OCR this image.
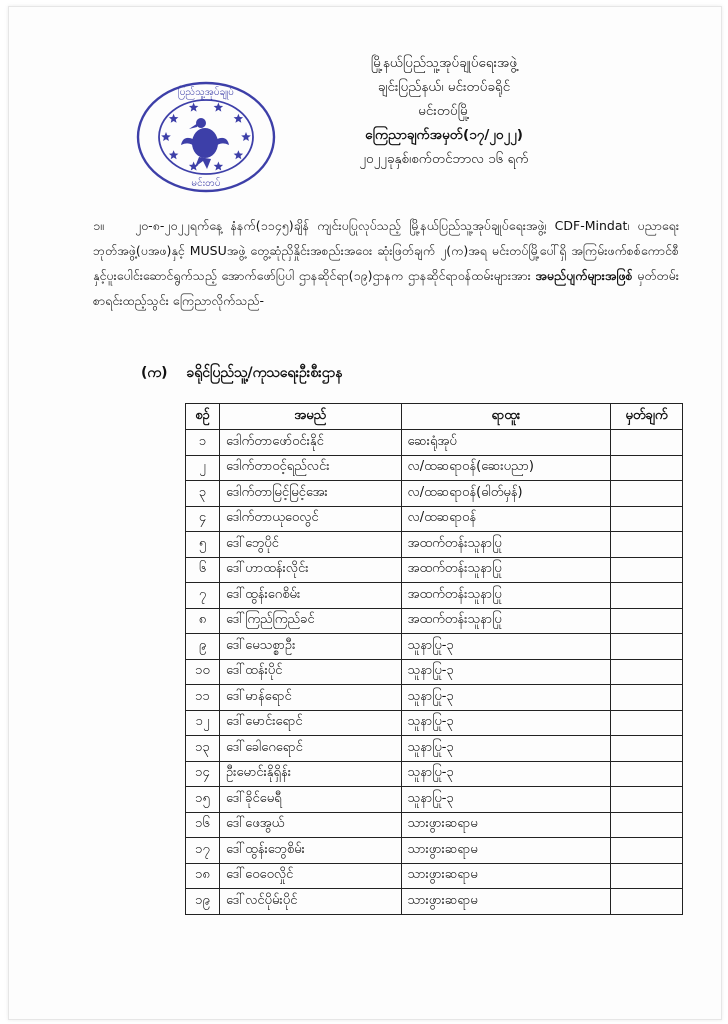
ပြည်သူ့အုပ်ချုပ်
မင်းတပ်
မြို့နယ်ပြည်သူ့အုပ်ချုပ်ရေးအဖွဲ့
ချင်းပြည်နယ်၊ မင်းတပ်ခရိုင်
မင်းတပ်မြို့
ကြေညာချက်အမှတ်(၁၇/၂၀၂၂)
၂၀၂၂ခုနှစ်၊စက်တင်ဘာလ ၁၆ ရက်
၁။ ၂၀-၈-၂၀၂၂ရက်နေ့ နံနက်(၁၁၄၅)ချိန် ကျင်းပပြုလုပ်သည့် မြို့နယ်ပြည်သူ့အုပ်ချုပ်ရေးအဖွဲ့၊ CDF-Mindat၊ ပညာရေးဘုတ်အဖွဲ့(ပအဖ)နှင့် MUSUအဖွဲ့ တွေ့ဆုံညှိနှိုင်းအစည်းအဝေး ဆုံးဖြတ်ချက် ၂(က)အရ မင်းတပ်မြို့ပေါ်ရှိ အကြမ်းဖက်စစ်ကောင်စီ နှင့်ပူးပေါင်းဆောင်ရွက်သည့် အောက်ဖော်ပြပါ ဌာနဆိုင်ရာ(၁၉)ဌာနက ဌာနဆိုင်ရာဝန်ထမ်းများအား အမည်ပျက်များအဖြစ် မှတ်တမ်းစာရင်းထည့်သွင်း ကြေညာလိုက်သည်-
(က) ခရိုင်ပြည်သူ့/ကုသရေးဦးစီးဌာန
စဉ်	အမည်	ရာထူး	မှတ်ချက်
၁	ဒေါက်တာဖော်ဝင်းနိုင်	ဆေးရုံအုပ်	
၂	ဒေါက်တာဝင့်ရည်လင်း	လ/ထဆရာဝန်(ဆေးပညာ)	
၃	ဒေါက်တာမြင့်မြင့်အေး	လ/ထဆရာဝန်(ဓါတ်မှန်)	
၄	ဒေါက်တာယုဝေလွင်	လ/ထဆရာဝန်	
၅	ဒေါ်ဘွေပိုင်	အထက်တန်းသူနာပြု	
၆	ဒေါ်ဟာထန်းလိုင်း	အထက်တန်းသူနာပြု	
၇	ဒေါ်ထွန်းဂေစိမ်း	အထက်တန်းသူနာပြု	
၈	ဒေါ်ကြည်ကြည်ခင်	အထက်တန်းသူနာပြု	
၉	ဒေါ်မေသစ္စာဦး	သူနာပြု-၃	
၁၀	ဒေါ်ထန်းပိုင်	သူနာပြု-၃	
၁၁	ဒေါ်မာန်ရောင်	သူနာပြု-၃	
၁၂	ဒေါ်မောင်းရောင်	သူနာပြု-၃	
၁၃	ဒေါ်ခေါဂေရောင်	သူနာပြု-၃	
၁၄	ဦးမောင်းနိုရှိန်း	သူနာပြု-၃	
၁၅	ဒေါ်ခိုင်မေရီ	သူနာပြု-၃	
၁၆	ဒေါ်ဖေအွယ်	သားဖွားဆရာမ	
၁၇	ဒေါ်ထွန်းဘွေစိမ်း	သားဖွားဆရာမ	
၁၈	ဒေါ်ဝေဝေလှိုင်	သားဖွားဆရာမ	
၁၉	ဒေါ်လင်ပိုမ်းပိုင်	သားဖွားဆရာမ	
